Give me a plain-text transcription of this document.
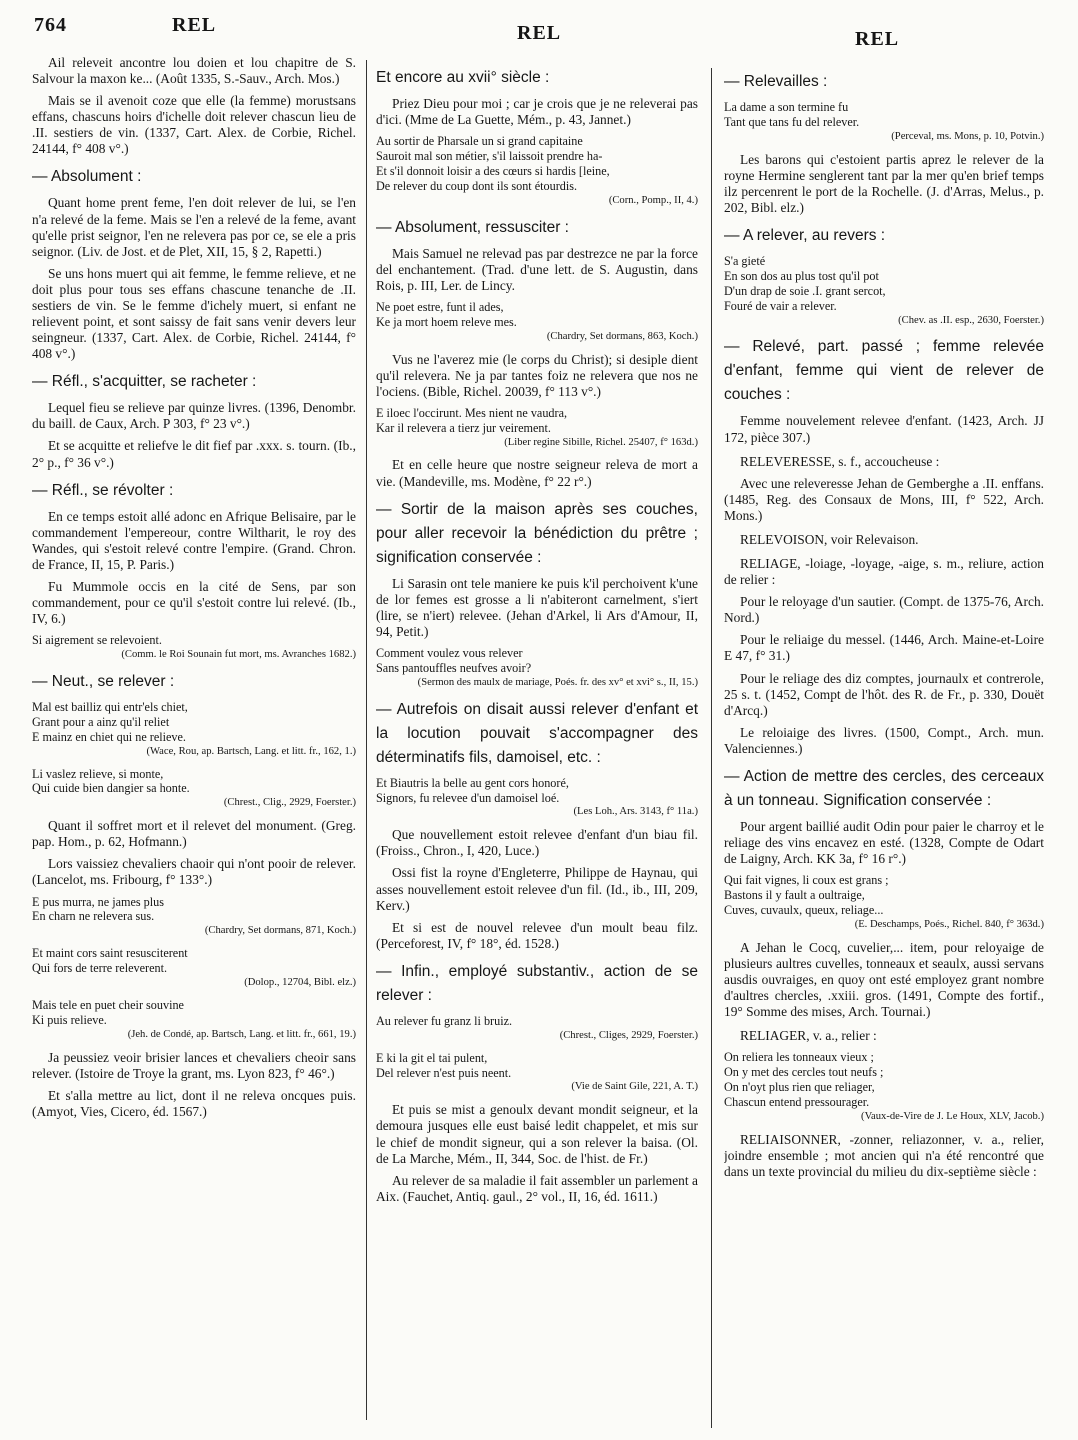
764	REL	REL	REL

Ail releveit ancontre lou doien et lou chapitre de S. Salvour la maxon ke... (Août 1335, S.-Sauv., Arch. Mos.)

Mais se il avenoit coze que elle (la femme) morustsans effans, chascuns hoirs d'ichelle doit relever chascun lieu de .II. sestiers de vin. (1337, Cart. Alex. de Corbie, Richel. 24144, f° 408 v°.)

— Absolument :

Quant home prent feme, l'en doit relever de lui, se l'en n'a relevé de la feme. Mais se l'en a relevé de la feme, avant qu'elle prist seignor, l'en ne relevera pas por ce, se ele a pris seignor. (Liv. de Jost. et de Plet, XII, 15, § 2, Rapetti.)

Se uns hons muert qui ait femme, le femme relieve, et ne doit plus pour tous ses effans chascune tenanche de .II. sestiers de vin. Se le femme d'ichely muert, si enfant ne relievent point, et sont saissy de fait sans venir devers leur seingneur. (1337, Cart. Alex. de Corbie, Richel. 24144, f° 408 v°.)

— Réfl., s'acquitter, se racheter :

Lequel fieu se relieve par quinze livres. (1396, Denombr. du baill. de Caux, Arch. P 303, f° 23 v°.)

Et se acquitte et reliefve le dit fief par .xxx. s. tourn. (Ib., 2° p., f° 36 v°.)

— Réfl., se révolter :

En ce temps estoit allé adonc en Afrique Belisaire, par le commandement l'empereour, contre Wiltharit, le roy des Wandes, qui s'estoit relevé contre l'empire. (Grand. Chron. de France, II, 15, P. Paris.)

Fu Mummole occis en la cité de Sens, par son commandement, pour ce qu'il s'estoit contre lui relevé. (Ib., IV, 6.)

Si aigrement se relevoient.
(Comm. le Roi Sounain fut mort, ms. Avranches 1682.)

— Neut., se relever :

Mal est bailliz qui entr'els chiet,
Grant pour a ainz qu'il reliet
E mainz en chiet qui ne relieve.
(Wace, Rou, ap. Bartsch, Lang. et litt. fr., 162, 1.)
Li vaslez relieve, si monte,
Qui cuide bien dangier sa honte.
(Chrest., Clig., 2929, Foerster.)

Quant il soffret mort et il relevet del monument. (Greg. pap. Hom., p. 62, Hofmann.)

Lors vaissiez chevaliers chaoir qui n'ont pooir de relever. (Lancelot, ms. Fribourg, f° 133°.)

E pus murra, ne james plus
En charn ne relevera sus.
(Chardry, Set dormans, 871, Koch.)
Et maint cors saint resusciterent
Qui fors de terre releverent.
(Dolop., 12704, Bibl. elz.)
Mais tele en puet cheir souvine
Ki puis relieve.
(Jeh. de Condé, ap. Bartsch, Lang. et litt. fr., 661, 19.)

Ja peussiez veoir brisier lances et chevaliers cheoir sans relever. (Istoire de Troye la grant, ms. Lyon 823, f° 46°.)

Et s'alla mettre au lict, dont il ne releva oncques puis. (Amyot, Vies, Cicero, éd. 1567.)

Et encore au xvii° siècle :

Priez Dieu pour moi ; car je crois que je ne releverai pas d'ici. (Mme de La Guette, Mém., p. 43, Jannet.)

Au sortir de Pharsale un si grand capitaine
Sauroit mal son métier, s'il laissoit prendre ha-
Et s'il donnoit loisir a des cœurs si hardis [leine,
De relever du coup dont ils sont étourdis.
(Corn., Pomp., II, 4.)

— Absolument, ressusciter :

Mais Samuel ne relevad pas par destrezce ne par la force del enchantement. (Trad. d'une lett. de S. Augustin, dans Rois, p. III, Ler. de Lincy.

Ne poet estre, funt il ades,
Ke ja mort hoem releve mes.
(Chardry, Set dormans, 863, Koch.)

Vus ne l'averez mie (le corps du Christ); si desiple dient qu'il relevera. Ne ja par tantes foiz ne relevera que nos ne l'ociens. (Bible, Richel. 20039, f° 113 v°.)

E iloec l'occirunt. Mes nient ne vaudra,
Kar il relevera a tierz jur veirement.
(Liber regine Sibille, Richel. 25407, f° 163d.)

Et en celle heure que nostre seigneur releva de mort a vie. (Mandeville, ms. Modène, f° 22 r°.)

— Sortir de la maison après ses couches, pour aller recevoir la bénédiction du prêtre ; signification conservée :

Li Sarasin ont tele maniere ke puis k'il perchoivent k'une de lor femes est grosse a li n'abiteront carnelment, s'iert (lire, se n'iert) relevee. (Jehan d'Arkel, li Ars d'Amour, II, 94, Petit.)

Comment voulez vous relever
Sans pantouffles neufves avoir?
(Sermon des maulx de mariage, Poés. fr. des xv° et xvi° s., II, 15.)

— Autrefois on disait aussi relever d'enfant et la locution pouvait s'accompagner des déterminatifs fils, damoisel, etc. :

Et Biautris la belle au gent cors honoré,
Signors, fu relevee d'un damoisel loé.
(Les Loh., Ars. 3143, f° 11a.)

Que nouvellement estoit relevee d'enfant d'un biau fil. (Froiss., Chron., I, 420, Luce.)

Ossi fist la royne d'Engleterre, Philippe de Haynau, qui asses nouvellement estoit relevee d'un fil. (Id., ib., III, 209, Kerv.)

Et si est de nouvel relevee d'un moult beau filz. (Perceforest, IV, f° 18°, éd. 1528.)

— Infin., employé substantiv., action de se relever :

Au relever fu granz li bruiz.
(Chrest., Cliges, 2929, Foerster.)
E ki la git el tai pulent,
Del relever n'est puis neent.
(Vie de Saint Gile, 221, A. T.)

Et puis se mist a genoulx devant mondit seigneur, et la demoura jusques elle eust baisé ledit chappelet, et mis sur le chief de mondit signeur, qui a son relever la baisa. (Ol. de La Marche, Mém., II, 344, Soc. de l'hist. de Fr.)

Au relever de sa maladie il fait assembler un parlement a Aix. (Fauchet, Antiq. gaul., 2° vol., II, 16, éd. 1611.)

— Relevailles :

La dame a son termine fu
Tant que tans fu del relever.
(Perceval, ms. Mons, p. 10, Potvin.)

Les barons qui c'estoient partis aprez le relever de la royne Hermine senglerent tant par la mer qu'en brief temps ilz percenrent le port de la Rochelle. (J. d'Arras, Melus., p. 202, Bibl. elz.)

— A relever, au revers :

S'a gieté
En son dos au plus tost qu'il pot
D'un drap de soie .I. grant sercot,
Fouré de vair a relever.
(Chev. as .II. esp., 2630, Foerster.)

— Relevé, part. passé ; femme relevée d'enfant, femme qui vient de relever de couches :

Femme nouvelement relevee d'enfant. (1423, Arch. JJ 172, pièce 307.)

RELEVERESSE, s. f., accoucheuse :

Avec une releveresse Jehan de Gemberghe a .II. enffans. (1485, Reg. des Consaux de Mons, III, f° 522, Arch. Mons.)

RELEVOISON, voir Relevaison.

RELIAGE, -loiage, -loyage, -aige, s. m., reliure, action de relier :

Pour le reloyage d'un sautier. (Compt. de 1375-76, Arch. Nord.)

Pour le reliaige du messel. (1446, Arch. Maine-et-Loire E 47, f° 31.)

Pour le reliage des diz comptes, journaulx et contrerole, 25 s. t. (1452, Compt de l'hôt. des R. de Fr., p. 330, Douët d'Arcq.)

Le reloiaige des livres. (1500, Compt., Arch. mun. Valenciennes.)

— Action de mettre des cercles, des cerceaux à un tonneau. Signification conservée :

Pour argent baillié audit Odin pour paier le charroy et le reliage des vins encavez en esté. (1328, Compte de Odart de Laigny, Arch. KK 3a, f° 16 r°.)

Qui fait vignes, li coux est grans ;
Bastons il y fault a oultraige,
Cuves, cuvaulx, queux, reliage...
(E. Deschamps, Poés., Richel. 840, f° 363d.)

A Jehan le Cocq, cuvelier,... item, pour reloyaige de plusieurs aultres cuvelles, tonneaux et seaulx, aussi servans ausdis ouvraiges, en quoy ont esté employez grant nombre d'aultres chercles, .xxiii. gros. (1491, Compte des fortif., 19° Somme des mises, Arch. Tournai.)

RELIAGER, v. a., relier :

On reliera les tonneaux vieux ;
On y met des cercles tout neufs ;
On n'oyt plus rien que reliager,
Chascun entend pressourager.
(Vaux-de-Vire de J. Le Houx, XLV, Jacob.)

RELIAISONNER, -zonner, reliazonner, v. a., relier, joindre ensemble ; mot ancien qui n'a été rencontré que dans un texte provincial du milieu du dix-septième siècle :
